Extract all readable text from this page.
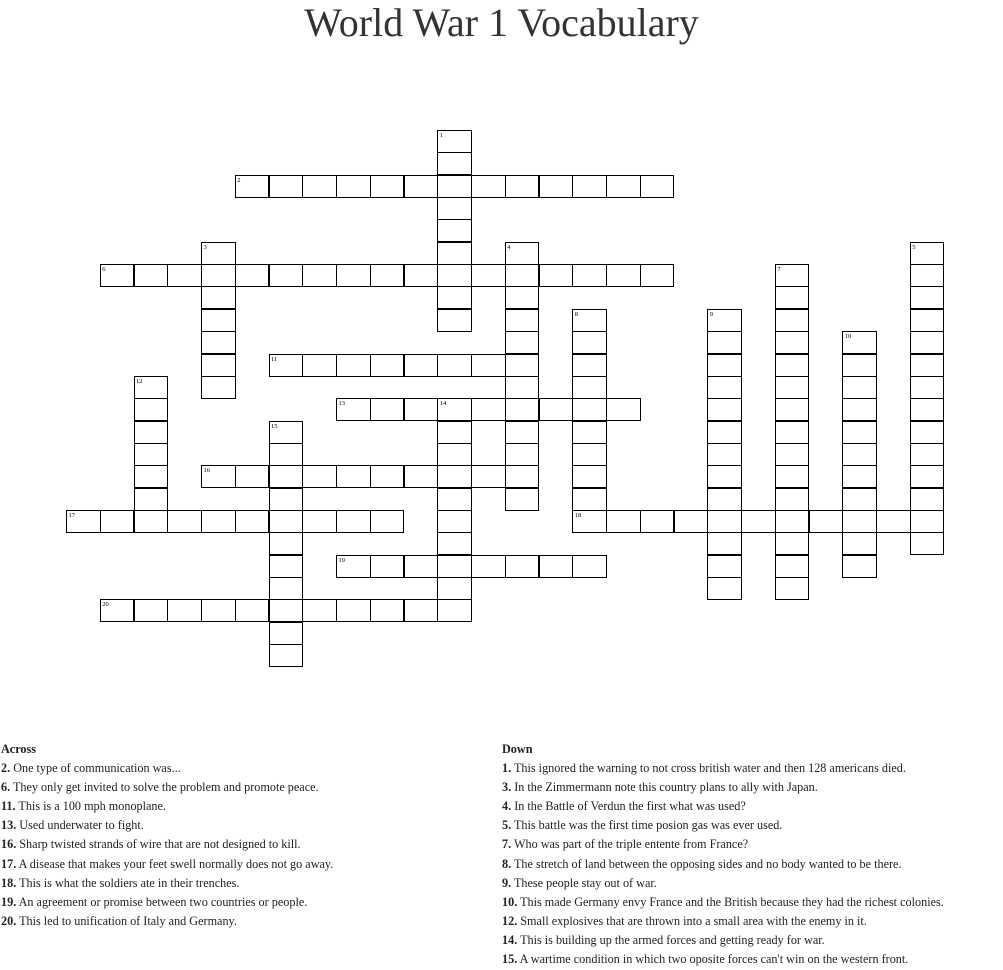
World War 1 Vocabulary
1
2
3	4	5
6	7
8	9
10
11
12
13	14
15
16
17	18
19
20
Across
2. One type of communication was...
6. They only get invited to solve the problem and promote peace.
11. This is a 100 mph monoplane.
13. Used underwater to fight.
16. Sharp twisted strands of wire that are not designed to kill.
17. A disease that makes your feet swell normally does not go away.
18. This is what the soldiers ate in their trenches.
19. An agreement or promise between two countries or people.
20. This led to unification of Italy and Germany.
Down
1. This ignored the warning to not cross british water and then 128 americans died.
3. In the Zimmermann note this country plans to ally with Japan.
4. In the Battle of Verdun the first what was used?
5. This battle was the first time posion gas was ever used.
7. Who was part of the triple entente from France?
8. The stretch of land between the opposing sides and no body wanted to be there.
9. These people stay out of war.
10. This made Germany envy France and the British because they had the richest colonies.
12. Small explosives that are thrown into a small area with the enemy in it.
14. This is building up the armed forces and getting ready for war.
15. A wartime condition in which two oposite forces can't win on the western front.
